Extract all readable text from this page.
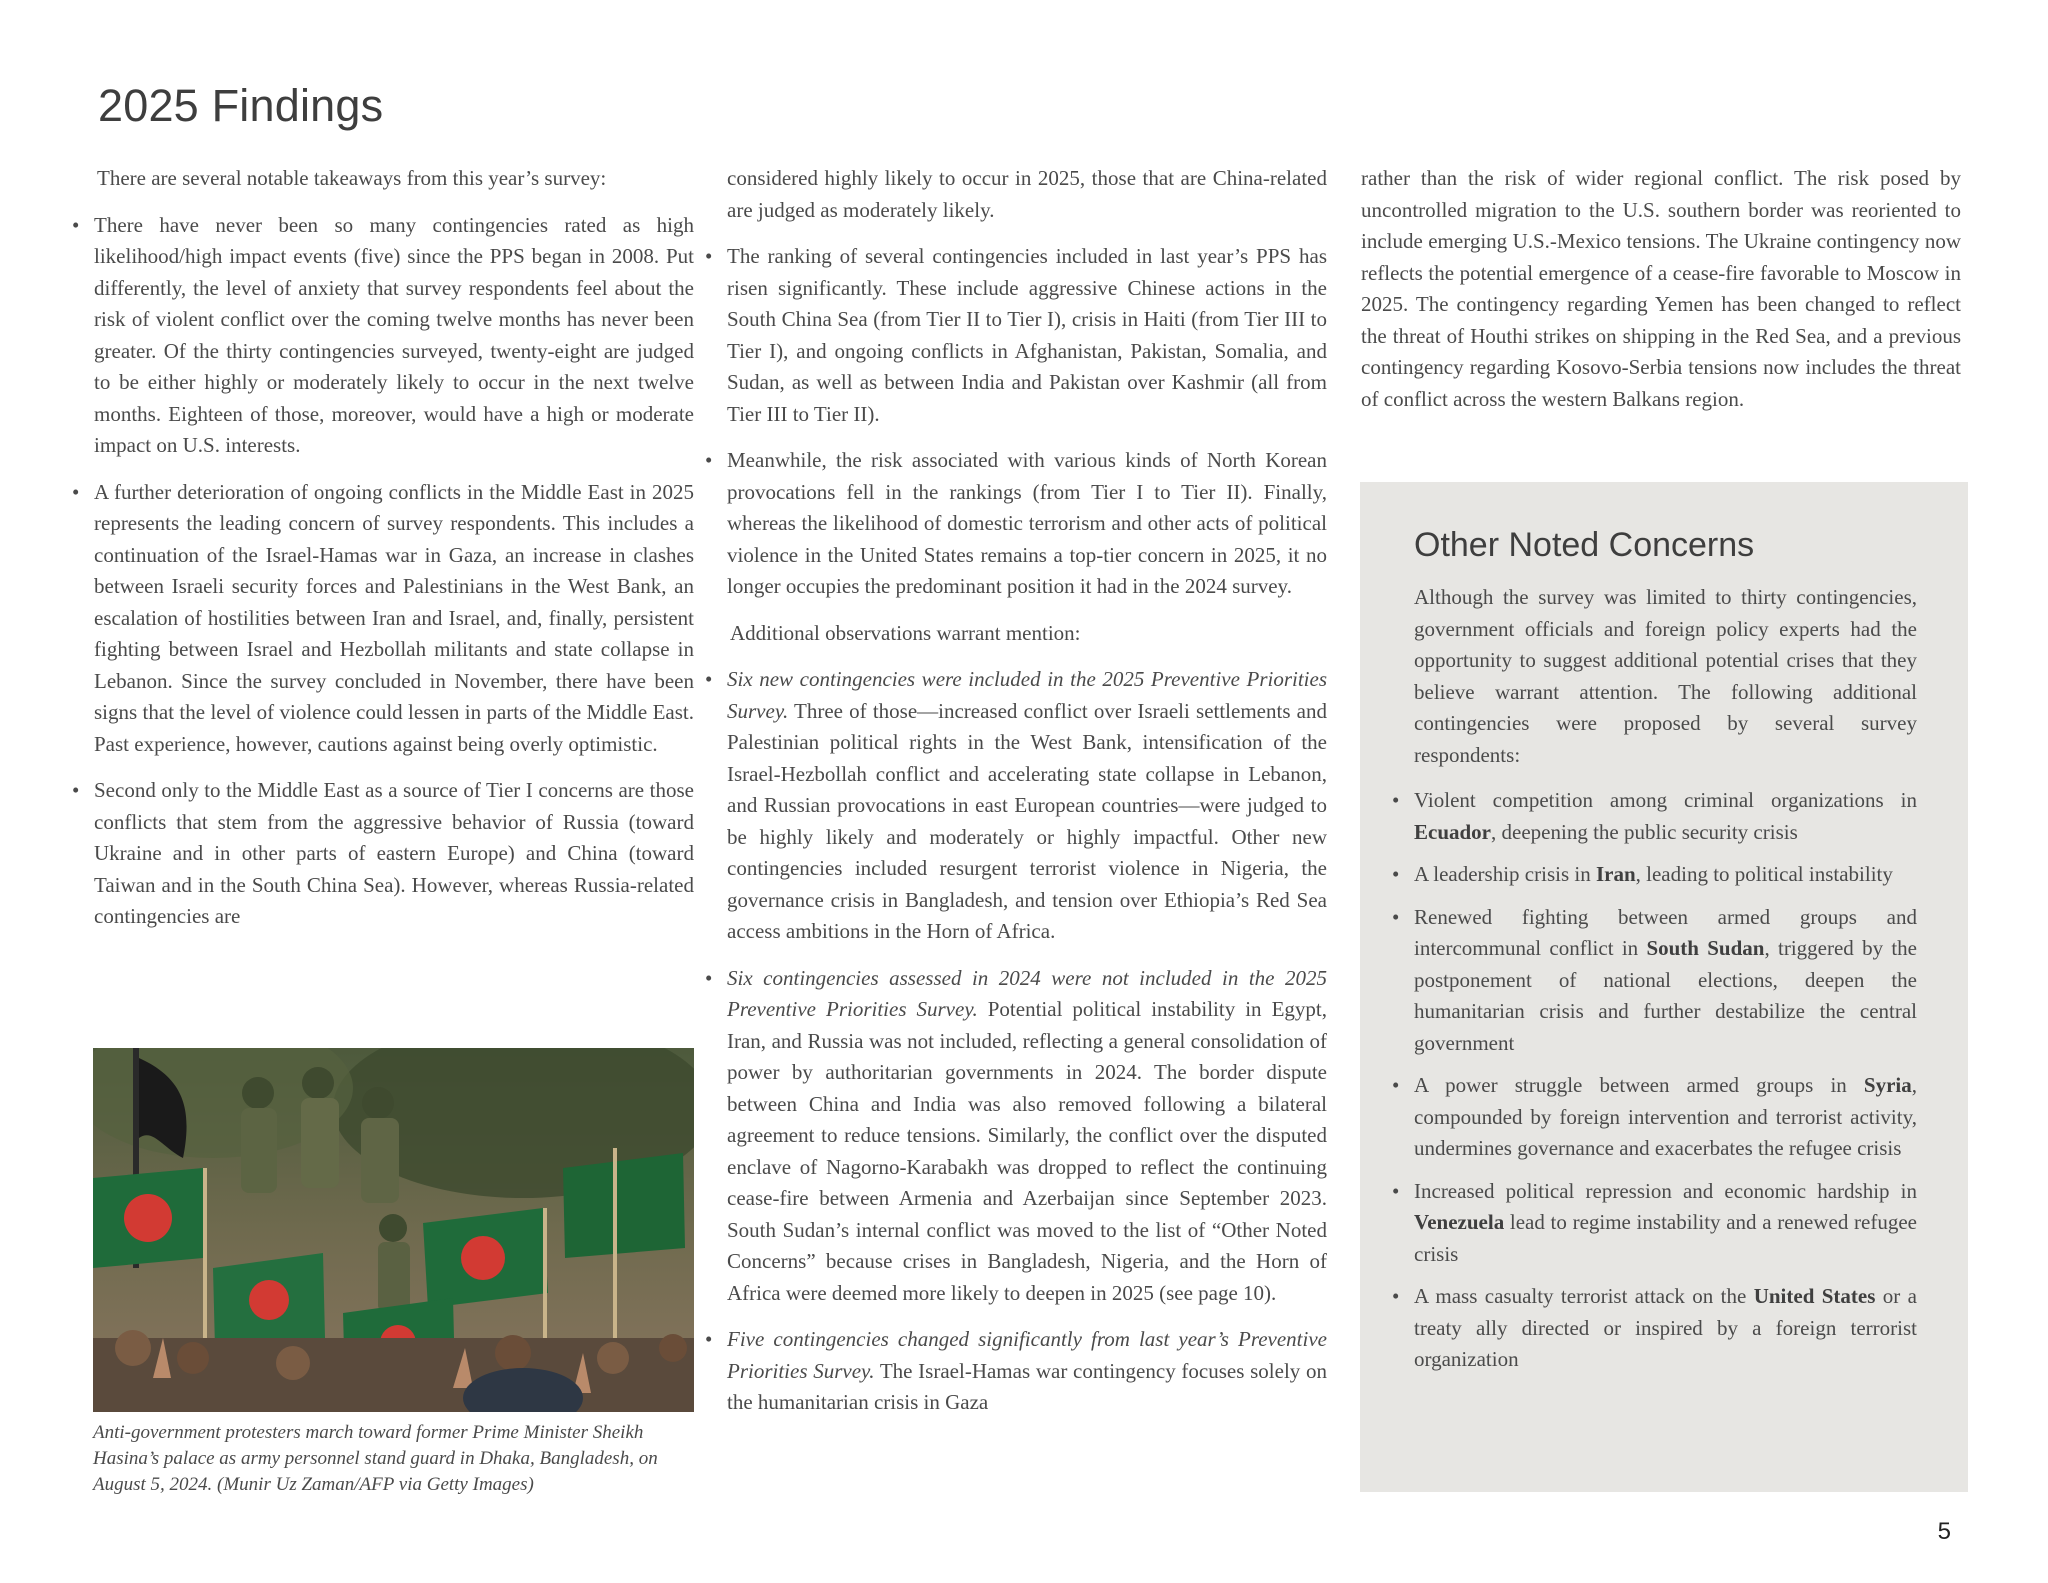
2025 Findings

There are several notable takeaways from this year’s survey:

• There have never been so many contingencies rated as high likelihood/high impact events (five) since the PPS began in 2008. Put differently, the level of anxiety that survey respondents feel about the risk of violent conflict over the coming twelve months has never been greater. Of the thirty contingencies surveyed, twenty-eight are judged to be either highly or moderately likely to occur in the next twelve months. Eighteen of those, moreover, would have a high or moderate impact on U.S. interests.
• A further deterioration of ongoing conflicts in the Middle East in 2025 represents the leading concern of survey respondents. This includes a continuation of the Israel-Hamas war in Gaza, an increase in clashes between Israeli security forces and Palestinians in the West Bank, an escalation of hostilities between Iran and Israel, and, finally, persistent fighting between Israel and Hezbollah militants and state collapse in Lebanon. Since the survey concluded in November, there have been signs that the level of violence could lessen in parts of the Middle East. Past experience, however, cautions against being overly optimistic.
• Second only to the Middle East as a source of Tier I concerns are those conflicts that stem from the aggressive behavior of Russia (toward Ukraine and in other parts of eastern Europe) and China (toward Taiwan and in the South China Sea). However, whereas Russia-related contingencies are
Anti-government protesters march toward former Prime Minister Sheikh Hasina’s palace as army personnel stand guard in Dhaka, Bangladesh, on August 5, 2024. (Munir Uz Zaman/AFP via Getty Images)

considered highly likely to occur in 2025, those that are China-related are judged as moderately likely.

• The ranking of several contingencies included in last year’s PPS has risen significantly. These include aggressive Chinese actions in the South China Sea (from Tier II to Tier I), crisis in Haiti (from Tier III to Tier I), and ongoing conflicts in Afghanistan, Pakistan, Somalia, and Sudan, as well as between India and Pakistan over Kashmir (all from Tier III to Tier II).
• Meanwhile, the risk associated with various kinds of North Korean provocations fell in the rankings (from Tier I to Tier II). Finally, whereas the likelihood of domestic terrorism and other acts of political violence in the United States remains a top-tier concern in 2025, it no longer occupies the predominant position it had in the 2024 survey.

Additional observations warrant mention:

• Six new contingencies were included in the 2025 Preventive Priorities Survey. Three of those—increased conflict over Israeli settlements and Palestinian political rights in the West Bank, intensification of the Israel-Hezbollah conflict and accelerating state collapse in Lebanon, and Russian provocations in east European countries—were judged to be highly likely and moderately or highly impactful. Other new contingencies included resurgent terrorist violence in Nigeria, the governance crisis in Bangladesh, and tension over Ethiopia’s Red Sea access ambitions in the Horn of Africa.
• Six contingencies assessed in 2024 were not included in the 2025 Preventive Priorities Survey. Potential political instability in Egypt, Iran, and Russia was not included, reflecting a general consolidation of power by authoritarian governments in 2024. The border dispute between China and India was also removed following a bilateral agreement to reduce tensions. Similarly, the conflict over the disputed enclave of Nagorno-Karabakh was dropped to reflect the continuing cease-fire between Armenia and Azerbaijan since September 2023. South Sudan’s internal conflict was moved to the list of “Other Noted Concerns” because crises in Bangladesh, Nigeria, and the Horn of Africa were deemed more likely to deepen in 2025 (see page 10).
• Five contingencies changed significantly from last year’s Preventive Priorities Survey. The Israel-Hamas war contingency focuses solely on the humanitarian crisis in Gaza

rather than the risk of wider regional conflict. The risk posed by uncontrolled migration to the U.S. southern border was reoriented to include emerging U.S.-Mexico tensions. The Ukraine contingency now reflects the potential emergence of a cease-fire favorable to Moscow in 2025. The contingency regarding Yemen has been changed to reflect the threat of Houthi strikes on shipping in the Red Sea, and a previous contingency regarding Kosovo-Serbia tensions now includes the threat of conflict across the western Balkans region.

Other Noted Concerns

Although the survey was limited to thirty contingencies, government officials and foreign policy experts had the opportunity to suggest additional potential crises that they believe warrant attention. The following additional contingencies were proposed by several survey respondents:

• Violent competition among criminal organizations in Ecuador, deepening the public security crisis
• A leadership crisis in Iran, leading to political instability
• Renewed fighting between armed groups and intercommunal conflict in South Sudan, triggered by the postponement of national elections, deepen the humanitarian crisis and further destabilize the central government
• A power struggle between armed groups in Syria, compounded by foreign intervention and terrorist activity, undermines governance and exacerbates the refugee crisis
• Increased political repression and economic hardship in Venezuela lead to regime instability and a renewed refugee crisis
• A mass casualty terrorist attack on the United States or a treaty ally directed or inspired by a foreign terrorist organization
5
